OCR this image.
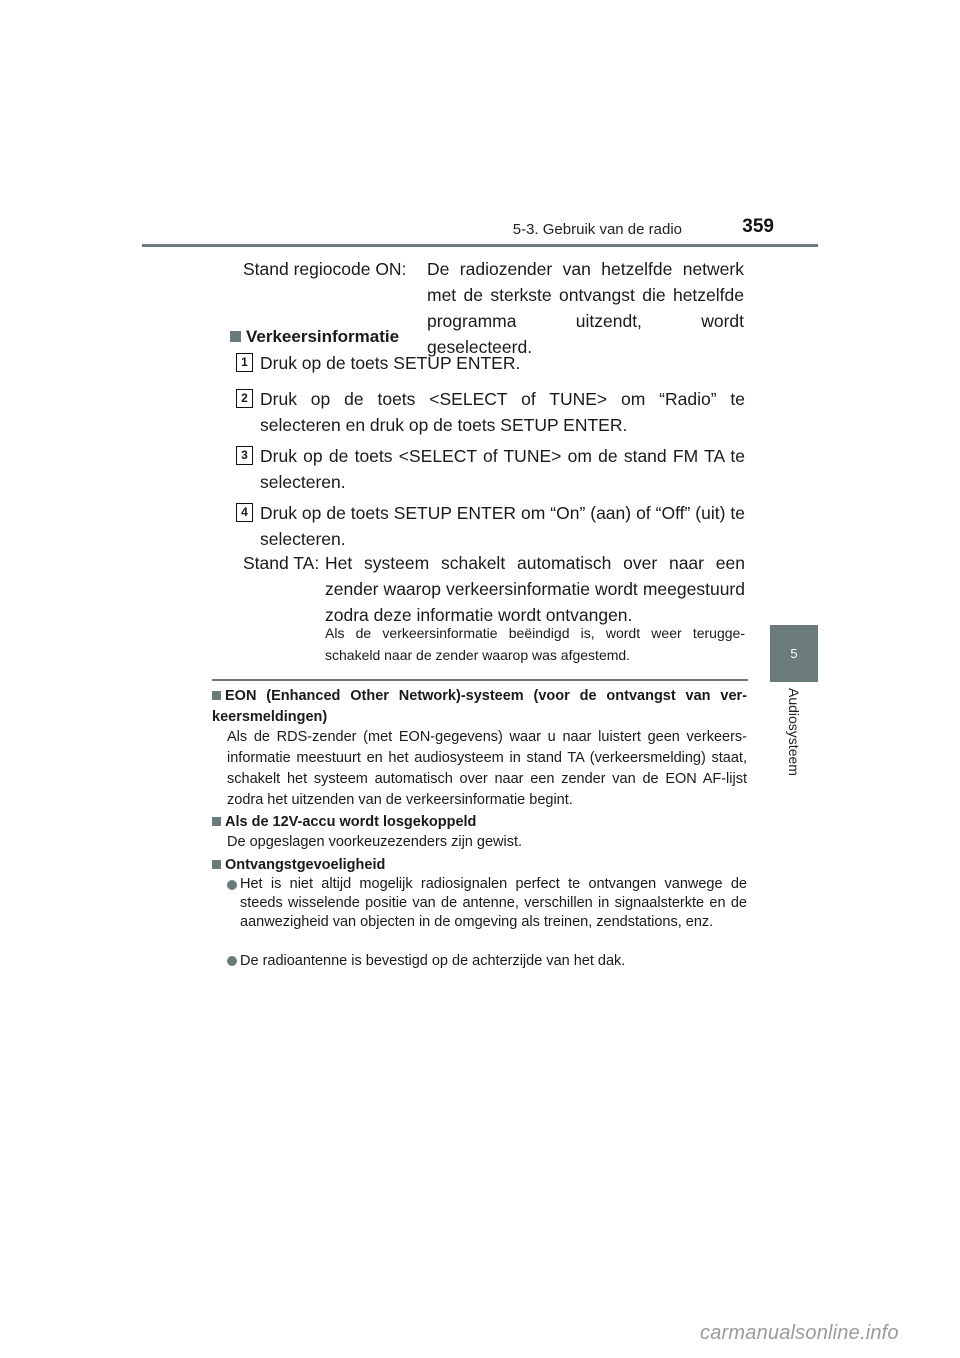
5-3. Gebruik van de radio	359
5
Audiosysteem
Stand regiocode ON: De radiozender van hetzelfde netwerk met de sterkste ontvangst die hetzelfde programma uitzendt, wordt geselecteerd.
Verkeersinformatie
1 Druk op de toets SETUP ENTER.
2 Druk op de toets <SELECT of TUNE> om “Radio” te selecteren en druk op de toets SETUP ENTER.
3 Druk op de toets <SELECT of TUNE> om de stand FM TA te selecteren.
4 Druk op de toets SETUP ENTER om “On” (aan) of “Off” (uit) te selecteren.
Stand TA: Het systeem schakelt automatisch over naar een zender waarop verkeersinformatie wordt meegestuurd zodra deze informatie wordt ontvangen.
Als de verkeersinformatie beëindigd is, wordt weer terugge-schakeld naar de zender waarop was afgestemd.
EON (Enhanced Other Network)-systeem (voor de ontvangst van ver-keersmeldingen)
Als de RDS-zender (met EON-gegevens) waar u naar luistert geen verkeers-informatie meestuurt en het audiosysteem in stand TA (verkeersmelding) staat, schakelt het systeem automatisch over naar een zender van de EON AF-lijst zodra het uitzenden van de verkeersinformatie begint.
Als de 12V-accu wordt losgekoppeld
De opgeslagen voorkeuzezenders zijn gewist.
Ontvangstgevoeligheid
Het is niet altijd mogelijk radiosignalen perfect te ontvangen vanwege de steeds wisselende positie van de antenne, verschillen in signaalsterkte en de aanwezigheid van objecten in de omgeving als treinen, zendstations, enz.
De radioantenne is bevestigd op de achterzijde van het dak.
carmanualsonline.info
